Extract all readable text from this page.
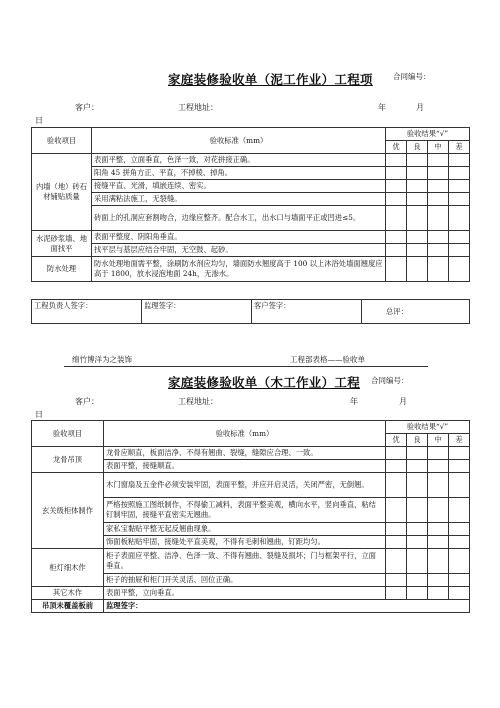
家庭装修验收单（泥工作业）工程项	合同编号：
客户：	工程地址：	年	月
日
验收项目	验收标准（mm）	验收结果“√”			
		优	良	中	差
内墙（地）砖石材铺贴质量	表面平整，立面垂直，色泽一致，对花拼接正确。				
	阳角 45 拼角方正、平直，不掉棱、掉角。				
	接缝平直、光滑，填嵌连续、密实。				
	采用满粘法施工，无裂缝。				
	砖面上的孔洞应套割吻合，边缘应整齐。配合水工，出水口与墙面平正或凹进≤5。				
水泥砂浆墙、地面找平	表面平整度、阴阳角垂直。				
	找平层与基层应结合牢固，无空鼓、起砂。				
防水处理	防水处理地面需平整，涂刷防水剂应均匀，墙面防水翘度高于 100 以上沐浴处墙面翘度应高于 1800，放水浸泡地面 24h，无渗水。				
工程负责人签字：	监理签字：	客户签字：	总评：
绵竹博洋为之装饰	工程部表格——验收单
家庭装修验收单（木工作业）工程 合同编号：
客户：	工程地址：	年	月
日
验收项目	验收标准（mm）	验收结果“√”			
		优	良	中	差
龙骨吊顶	龙骨应顺直，板面洁净、不得有翘曲、裂缝，缝隙应合理、一致。				
	表面平整，接缝顺直。				
玄关级柜体制作	木门窗扇及五金件必须安装牢固，表面平整，并应开启灵活，关闭严密，无倒翘。				
	严格按照施工图纸制作，不得偷工减料，表面平整美观，横向水平，竖向垂直，粘结钉制牢固，接缝平直密实无翘曲。				
	家私宝黏贴平整无起反翘曲现象。				
	饰面板粘贴牢固，接缝处平直美观，不得有毛刺和翘曲，钉距均匀。				
柜灯细木作	柜子表面应平整、洁净、色泽一致、不得有翘曲、裂缝及损坏；门与框架平行，立面垂直。				
	柜子的抽屉和柜门开关灵活、回位正确。				
其它木作	表面平整，立向垂直。				
吊顶未覆盖板前	监理签字：				
